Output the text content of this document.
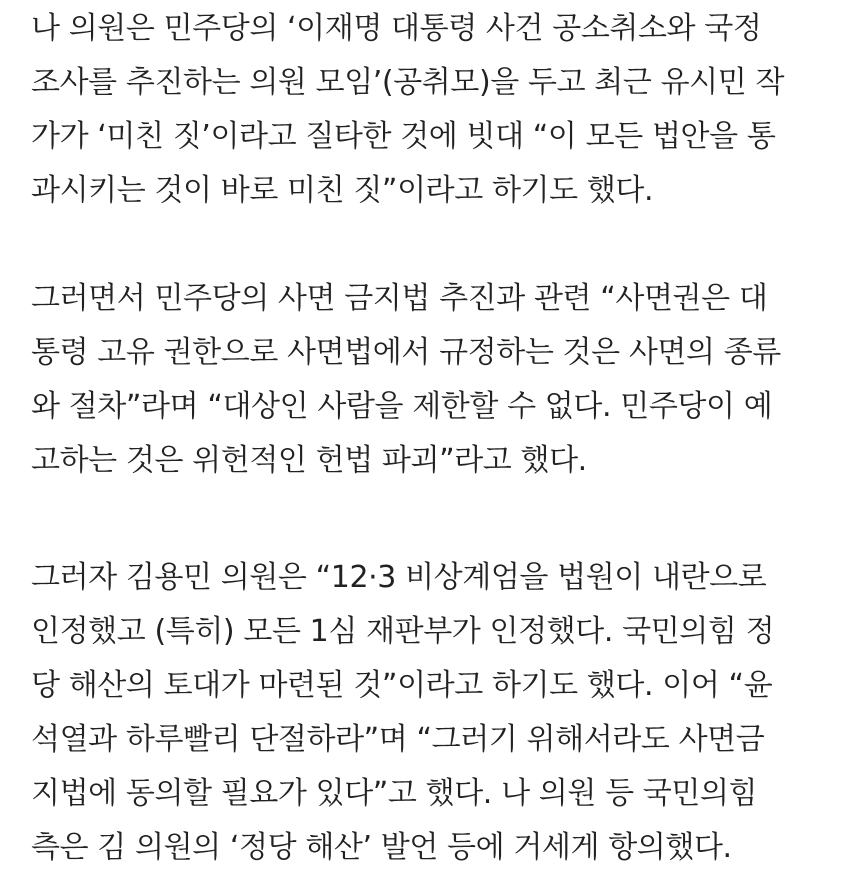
나 의원은 민주당의 ‘이재명 대통령 사건 공소취소와 국정
조사를 추진하는 의원 모임’(공취모)을 두고 최근 유시민 작
가가 ‘미친 짓’이라고 질타한 것에 빗대 “이 모든 법안을 통
과시키는 것이 바로 미친 짓”이라고 하기도 했다.
그러면서 민주당의 사면 금지법 추진과 관련 “사면권은 대
통령 고유 권한으로 사면법에서 규정하는 것은 사면의 종류
와 절차”라며 “대상인 사람을 제한할 수 없다. 민주당이 예
고하는 것은 위헌적인 헌법 파괴”라고 했다.
그러자 김용민 의원은 “12·3 비상계엄을 법원이 내란으로
인정했고 (특히) 모든 1심 재판부가 인정했다. 국민의힘 정
당 해산의 토대가 마련된 것”이라고 하기도 했다. 이어 “윤
석열과 하루빨리 단절하라”며 “그러기 위해서라도 사면금
지법에 동의할 필요가 있다”고 했다. 나 의원 등 국민의힘
측은 김 의원의 ‘정당 해산’ 발언 등에 거세게 항의했다.
